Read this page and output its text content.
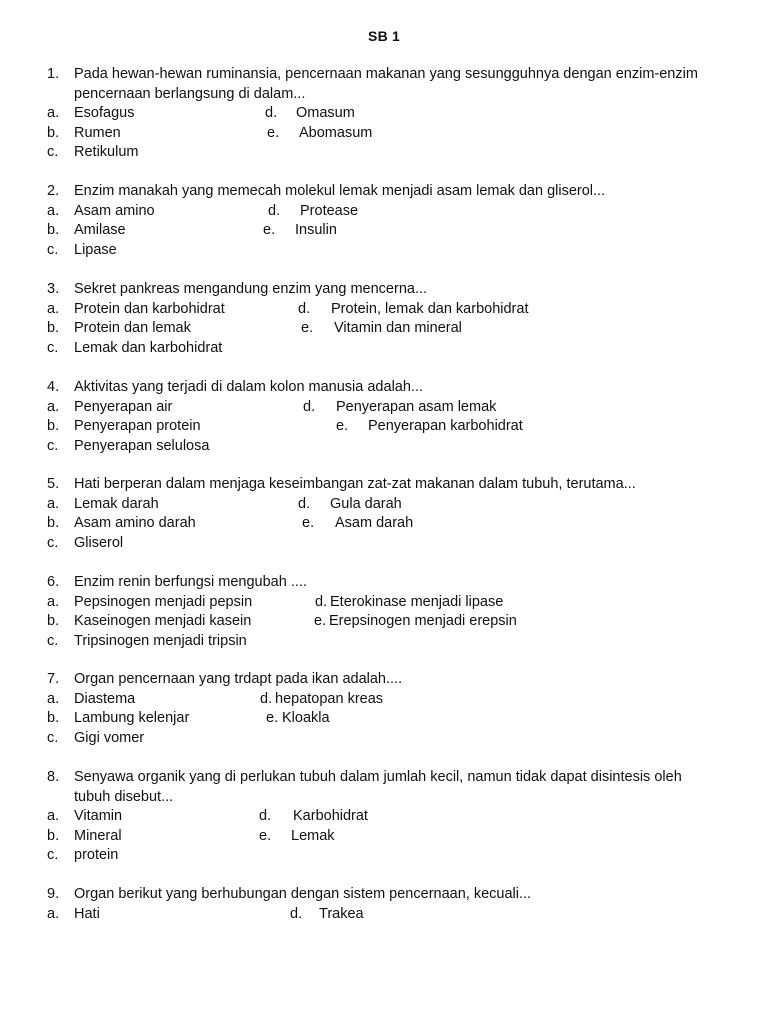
SB 1
1. Pada hewan-hewan ruminansia, pencernaan makanan yang sesungguhnya dengan enzim-enzim
pencernaan berlangsung di dalam...
a. Esofagus	d. Omasum
b. Rumen	e. Abomasum
c. Retikulum
2. Enzim manakah yang memecah molekul lemak menjadi asam lemak dan gliserol...
a. Asam amino	d. Protease
b. Amilase	e. Insulin
c. Lipase
3. Sekret pankreas mengandung enzim yang mencerna...
a. Protein dan karbohidrat	d. Protein, lemak dan karbohidrat
b. Protein dan lemak	e. Vitamin dan mineral
c. Lemak dan karbohidrat
4. Aktivitas yang terjadi di dalam kolon manusia adalah...
a. Penyerapan air	d. Penyerapan asam lemak
b. Penyerapan protein	e. Penyerapan karbohidrat
c. Penyerapan selulosa
5. Hati berperan dalam menjaga keseimbangan zat-zat makanan dalam tubuh, terutama...
a. Lemak darah	d. Gula darah
b. Asam amino darah	e. Asam darah
c. Gliserol
6. Enzim renin berfungsi mengubah ....
a. Pepsinogen menjadi pepsin	d. Eterokinase menjadi lipase
b. Kaseinogen menjadi kasein	e. Erepsinogen menjadi erepsin
c. Tripsinogen menjadi tripsin
7. Organ pencernaan yang trdapt pada ikan adalah....
a. Diastema	d. hepatopan kreas
b. Lambung kelenjar	e. Kloakla
c. Gigi vomer
8. Senyawa organik yang di perlukan tubuh dalam jumlah kecil, namun tidak dapat disintesis oleh
tubuh disebut...
a. Vitamin	d. Karbohidrat
b. Mineral	e. Lemak
c. protein
9. Organ berikut yang berhubungan dengan sistem pencernaan, kecuali...
a. Hati	d. Trakea
